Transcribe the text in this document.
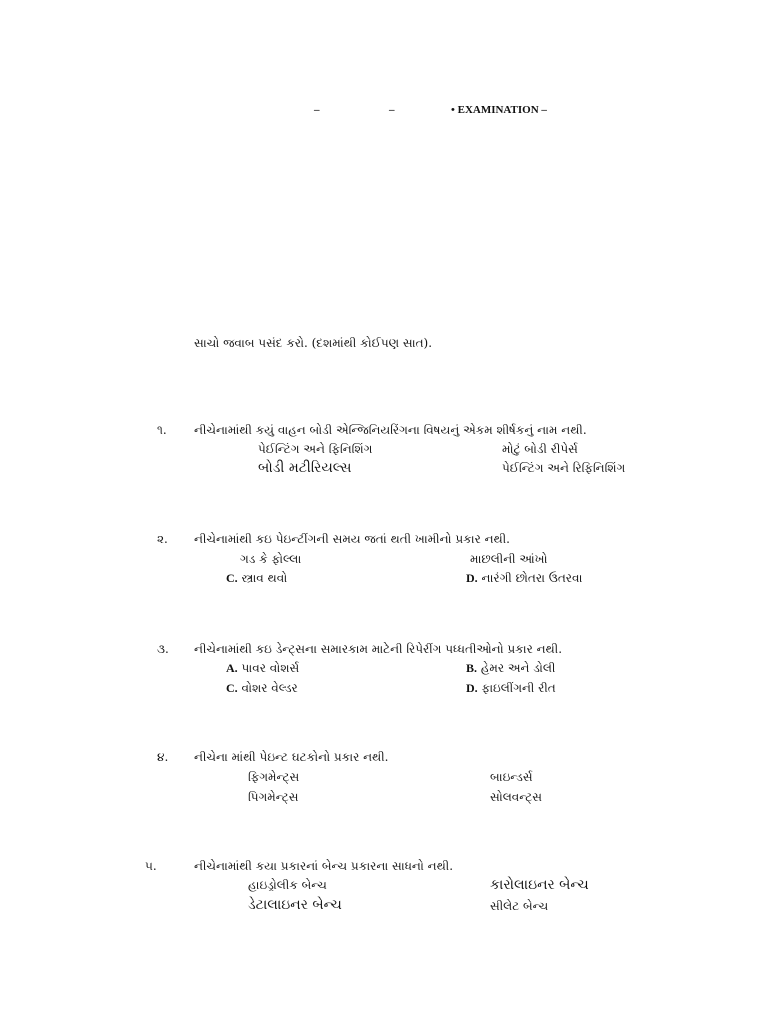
–	–	• EXAMINATION –
સાચો જવાબ પસંદ કરો. (દશમાંથી કોઈપણ સાત).
૧. નીચેનામાંથી કયું વાહન બોડી એન્જિનિયરિંગના વિષયનું એકમ શીર્ષકનું નામ નથી.
પેઈન્ટિંગ અને ફિનિશિંગ	મોટું બોડી રીપેર્સ
બોડી મટીરિયલ્સ	પેઈન્ટિંગ અને રિફિનિશિંગ
૨. નીચેનામાંથી કઇ પેઇન્ટીંગની સમય જતાં થતી ખામીનો પ્રકાર નથી.
ગડ કે ફોલ્લા	માછલીની આંખો
C. સ્ત્રાવ થવો	D. નારંગી છોતરા ઉતરવા
૩. નીચેનામાંથી કઇ ડેન્ટ્સના સમારકામ માટેની રિપેરીંગ પધ્ધતીઓનો પ્રકાર નથી.
A. પાવર વોશર્સ	B. હેમર અને ડોલી
C. વોશર વેલ્ડર	D. ફાઇલીંગની રીત
૪. નીચેના માંથી પેઇન્ટ ઘટકોનો પ્રકાર નથી.
ફિગમેન્ટ્સ	બાઇન્ડર્સ
પિગમેન્ટ્સ	સોલવન્ટ્સ
૫.	નીચેનામાંથી કયા પ્રકારનાં બેન્ચ પ્રકારના સાધનો નથી.
હાઇડ્રોલીક બેન્ચ	કારોલાઇનર બેન્ચ
ડેટાલાઇનર બેન્ચ	સીલેટ બેન્ચ
